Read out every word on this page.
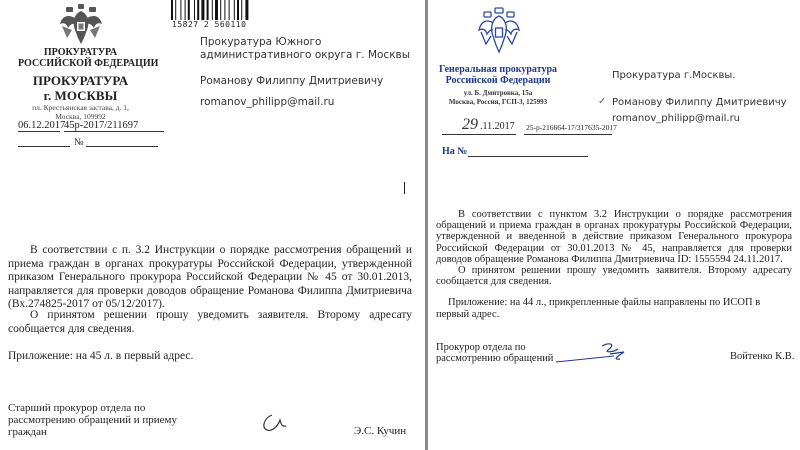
ПРОКУРАТУРА
РОССИЙСКОЙ ФЕДЕРАЦИИ
ПРОКУРАТУРА
г. МОСКВЫ
пл. Крестьянская застава, д. 1,
Москва, 109992
06.12.2017
45р-2017/211697
№
15827 2 560110
Прокуратура Южного
административного округа г. Москвы
Романову Филиппу Дмитриевичу
romanov_philipp@mail.ru
В соответствии с п. 3.2 Инструкции о порядке рассмотрения обращений и приема граждан в органах прокуратуры Российской Федерации, утвержденной приказом Генерального прокурора Российской Федерации № 45 от 30.01.2013, направляется для проверки доводов обращение Романова Филиппа Дмитриевича (Вх.274825-2017 от 05/12/2017).
О принятом решении прошу уведомить заявителя. Второму адресату сообщается для сведения.
Приложение: на 45 л. в первый адрес.
Старший прокурор отдела по рассмотрению обращений и приему граждан	Э.С. Кучин
Генеральная прокуратура
Российской Федерации
ул. Б. Дмитровка, 15а
Москва, Россия, ГСП-3, 125993
29 .11.2017 25-р-216664-17/317635-2017
На №
Прокуратура г.Москвы.
✓ Романову Филиппу Дмитриевичу
romanov_philipp@mail.ru
В соответствии с пунктом 3.2 Инструкции о порядке рассмотрения обращений и приема граждан в органах прокуратуры Российской Федерации, утвержденной и введенной в действие приказом Генерального прокурора Российской Федерации от 30.01.2013 № 45, направляется для проверки доводов обращение Романова Филиппа Дмитриевича ID: 1555594 24.11.2017.
О принятом решении прошу уведомить заявителя. Второму адресату сообщается для сведения.
Приложение: на 44 л., прикрепленные файлы направлены по ИСОП в первый адрес.
Прокурор отдела по рассмотрению обращений	Войтенко К.В.
